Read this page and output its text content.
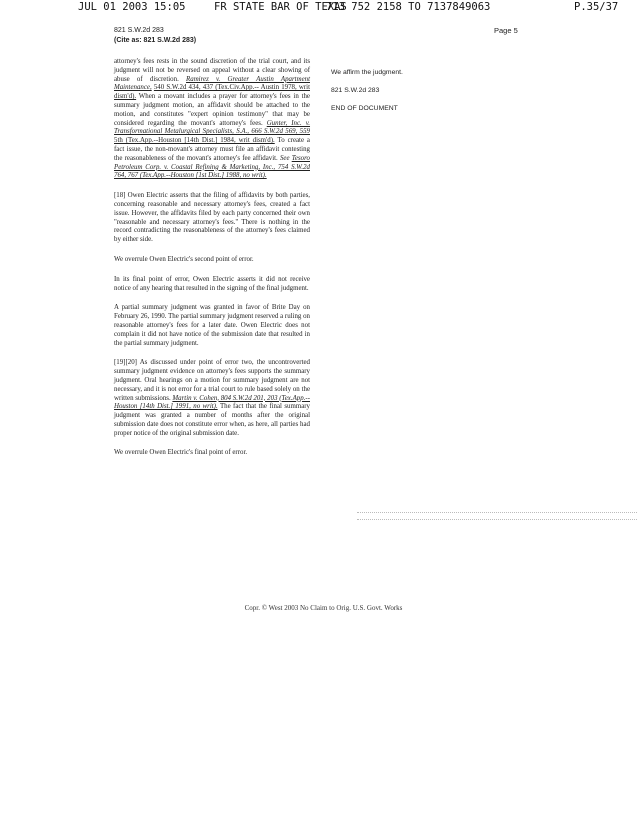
JUL 01 2003 15:05

	FR STATE BAR OF TEXAS

713 752 2158 TO 7137849063

	P.35/37

Page 5
821 S.W.2d 283
(Cite as: 821 S.W.2d 283)

attorney's fees rests in the sound discretion of the trial court, and its judgment will not be reversed on appeal without a clear showing of abuse of discretion. Ramirez v. Greater Austin Apartment Maintenance, 540 S.W.2d 434, 437 (Tex.Civ.App.-- Austin 1978, writ dism'd). When a movant includes a prayer for attorney's fees in the summary judgment motion, an affidavit should be attached to the motion, and constitutes "expert opinion testimony" that may be considered regarding the movant's attorney's fees. Gunter, Inc. v. Transformational Metalurgical Specialists, S.A., 666 S.W.2d 569, 559 5th (Tex.App.--Houston [14th Dist.] 1984, writ dism'd). To create a fact issue, the non-movant's attorney must file an affidavit contesting the reasonableness of the movant's attorney's fee affidavit. See Tesoro Petroleum Corp. v. Coastal Refining & Marketing, Inc., 754 S.W.2d 764, 767 (Tex.App.--Houston [1st Dist.] 1988, no writ).

[18] Owen Electric asserts that the filing of affidavits by both parties, concerning reasonable and necessary attorney's fees, created a fact issue. However, the affidavits filed by each party concerned their own "reasonable and necessary attorney's fees." There is nothing in the record contradicting the reasonableness of the attorney's fees claimed by either side.

We overrule Owen Electric's second point of error.

In its final point of error, Owen Electric asserts it did not receive notice of any hearing that resulted in the signing of the final judgment.

A partial summary judgment was granted in favor of Brite Day on February 26, 1990. The partial summary judgment reserved a ruling on reasonable attorney's fees for a later date. Owen Electric does not complain it did not have notice of the submission date that resulted in the partial summary judgment.

[19][20] As discussed under point of error two, the uncontroverted summary judgment evidence on attorney's fees supports the summary judgment. Oral hearings on a motion for summary judgment are not necessary, and it is not error for a trial court to rule based solely on the written submissions. Martin v. Cohen, 804 S.W.2d 201, 203 (Tex.App.--Houston [14th Dist.] 1991, no writ). The fact that the final summary judgment was granted a number of months after the original submission date does not constitute error when, as here, all parties had proper notice of the original submission date.

We overrule Owen Electric's final point of error.

We affirm the judgment.
821 S.W.2d 283
END OF DOCUMENT
Copr. © West 2003 No Claim to Orig. U.S. Govt. Works
